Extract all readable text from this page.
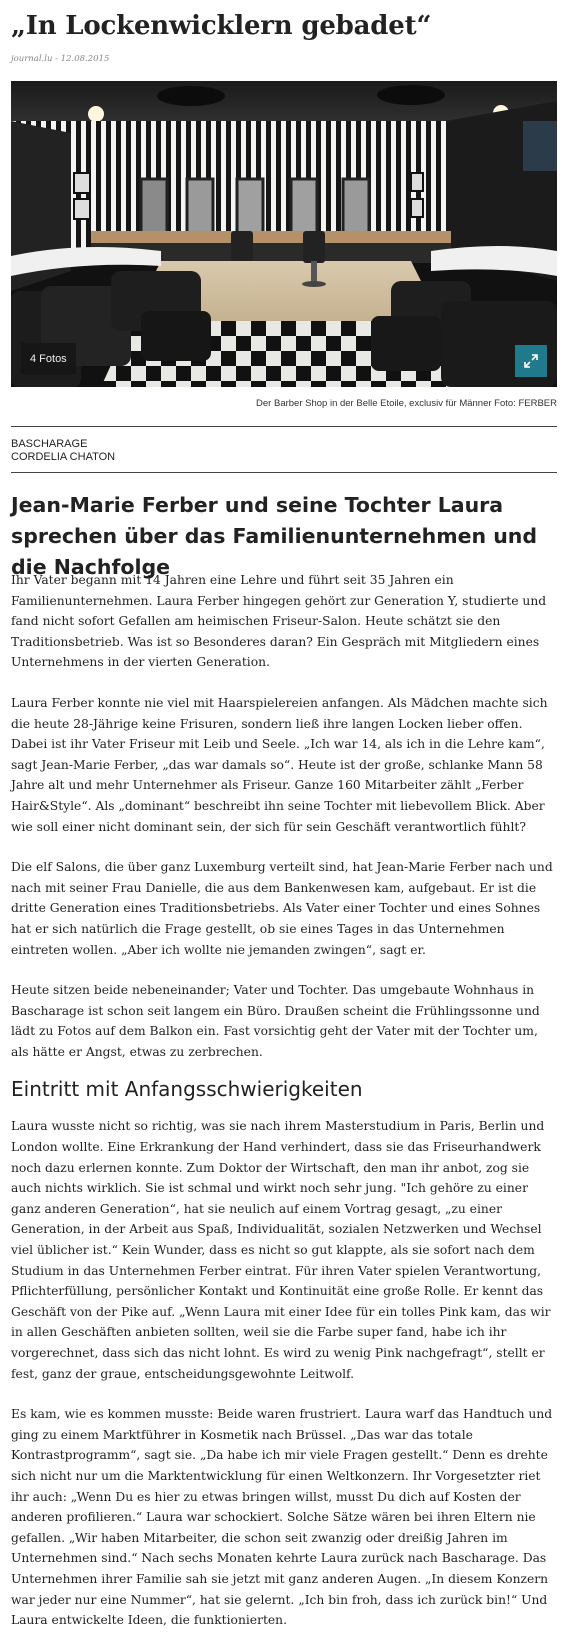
„In Lockenwicklern gebadet“
journal.lu - 12.08.2015
4 Fotos
Der Barber Shop in der Belle Etoile, exclusiv für Männer Foto: FERBER
BASCHARAGE
CORDELIA CHATON
Jean-Marie Ferber und seine Tochter Laura sprechen über das Familienunternehmen und die Nachfolge

Ihr Vater begann mit 14 Jahren eine Lehre und führt seit 35 Jahren ein Familienunternehmen. Laura Ferber hingegen gehört zur Generation Y, studierte und fand nicht sofort Gefallen am heimischen Friseur-Salon. Heute schätzt sie den Traditionsbetrieb. Was ist so Besonderes daran? Ein Gespräch mit Mitgliedern eines Unternehmens in der vierten Generation.

Laura Ferber konnte nie viel mit Haarspielereien anfangen. Als Mädchen machte sich die heute 28-Jährige keine Frisuren, sondern ließ ihre langen Locken lieber offen. Dabei ist ihr Vater Friseur mit Leib und Seele. „Ich war 14, als ich in die Lehre kam“, sagt Jean-Marie Ferber, „das war damals so“. Heute ist der große, schlanke Mann 58 Jahre alt und mehr Unternehmer als Friseur. Ganze 160 Mitarbeiter zählt „Ferber Hair&Style“. Als „dominant“ beschreibt ihn seine Tochter mit liebevollem Blick. Aber wie soll einer nicht dominant sein, der sich für sein Geschäft verantwortlich fühlt?

Die elf Salons, die über ganz Luxemburg verteilt sind, hat Jean-Marie Ferber nach und nach mit seiner Frau Danielle, die aus dem Bankenwesen kam, aufgebaut. Er ist die dritte Generation eines Traditionsbetriebs. Als Vater einer Tochter und eines Sohnes hat er sich natürlich die Frage gestellt, ob sie eines Tages in das Unternehmen eintreten wollen. „Aber ich wollte nie jemanden zwingen“, sagt er.

Heute sitzen beide nebeneinander; Vater und Tochter. Das umgebaute Wohnhaus in Bascharage ist schon seit langem ein Büro. Draußen scheint die Frühlingssonne und lädt zu Fotos auf dem Balkon ein. Fast vorsichtig geht der Vater mit der Tochter um, als hätte er Angst, etwas zu zerbrechen.

Eintritt mit Anfangsschwierigkeiten

Laura wusste nicht so richtig, was sie nach ihrem Masterstudium in Paris, Berlin und London wollte. Eine Erkrankung der Hand verhindert, dass sie das Friseurhandwerk noch dazu erlernen konnte. Zum Doktor der Wirtschaft, den man ihr anbot, zog sie auch nichts wirklich. Sie ist schmal und wirkt noch sehr jung. "Ich gehöre zu einer ganz anderen Generation“, hat sie neulich auf einem Vortrag gesagt, „zu einer Generation, in der Arbeit aus Spaß, Individualität, sozialen Netzwerken und Wechsel viel üblicher ist.“ Kein Wunder, dass es nicht so gut klappte, als sie sofort nach dem Studium in das Unternehmen Ferber eintrat. Für ihren Vater spielen Verantwortung, Pflichterfüllung, persönlicher Kontakt und Kontinuität eine große Rolle. Er kennt das Geschäft von der Pike auf. „Wenn Laura mit einer Idee für ein tolles Pink kam, das wir in allen Geschäften anbieten sollten, weil sie die Farbe super fand, habe ich ihr vorgerechnet, dass sich das nicht lohnt. Es wird zu wenig Pink nachgefragt“, stellt er fest, ganz der graue, entscheidungsgewohnte Leitwolf.

Es kam, wie es kommen musste: Beide waren frustriert. Laura warf das Handtuch und ging zu einem Marktführer in Kosmetik nach Brüssel. „Das war das totale Kontrastprogramm“, sagt sie. „Da habe ich mir viele Fragen gestellt.“ Denn es drehte sich nicht nur um die Marktentwicklung für einen Weltkonzern. Ihr Vorgesetzter riet ihr auch: „Wenn Du es hier zu etwas bringen willst, musst Du dich auf Kosten der anderen profilieren.“ Laura war schockiert. Solche Sätze wären bei ihren Eltern nie gefallen. „Wir haben Mitarbeiter, die schon seit zwanzig oder dreißig Jahren im Unternehmen sind.“ Nach sechs Monaten kehrte Laura zurück nach Bascharage. Das Unternehmen ihrer Familie sah sie jetzt mit ganz anderen Augen. „In diesem Konzern war jeder nur eine Nummer“, hat sie gelernt. „Ich bin froh, dass ich zurück bin!“ Und Laura entwickelte Ideen, die funktionierten.
